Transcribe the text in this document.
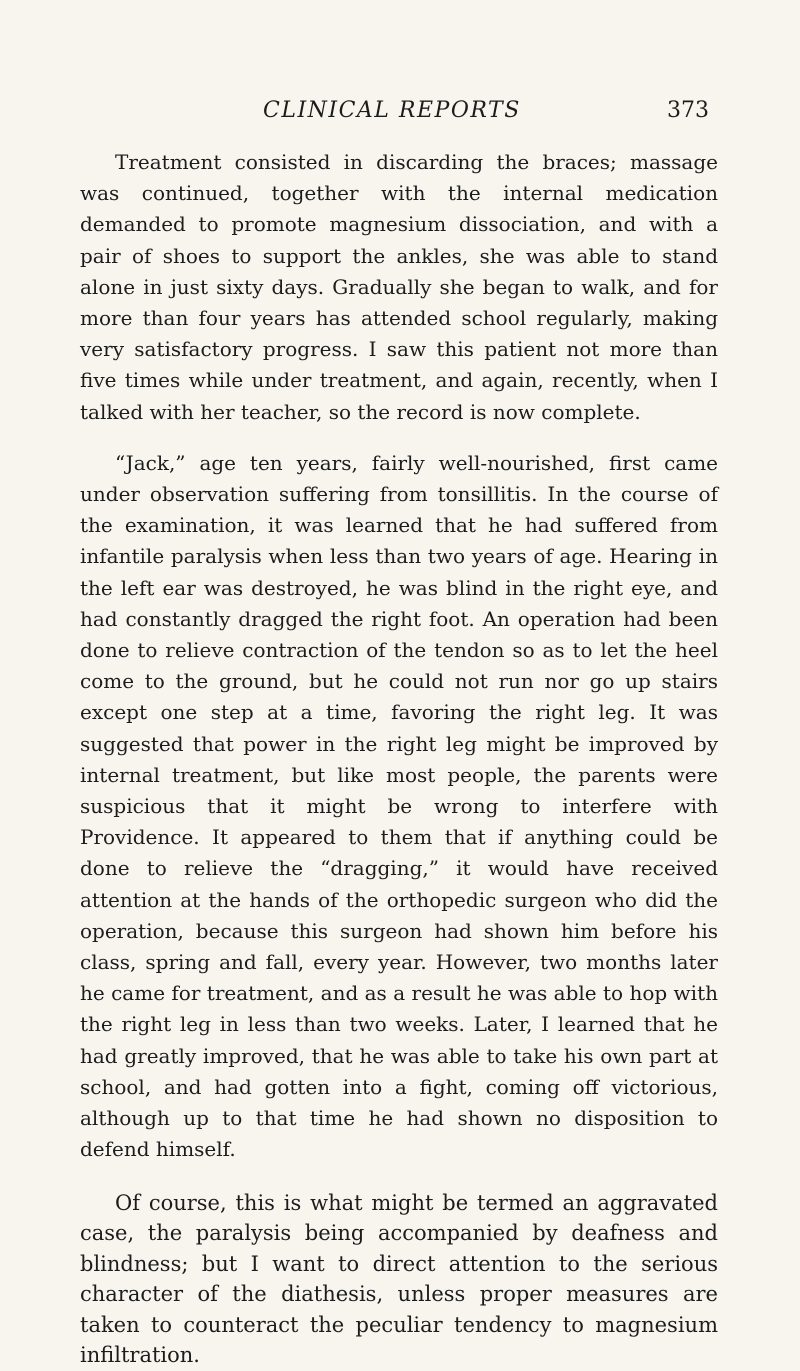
CLINICAL REPORTS	373

Treatment consisted in discarding the braces; massage was continued, together with the internal medication demanded to promote magnesium dissociation, and with a pair of shoes to support the ankles, she was able to stand alone in just sixty days. Gradually she began to walk, and for more than four years has attended school regularly, making very satisfactory progress. I saw this patient not more than five times while under treatment, and again, recently, when I talked with her teacher, so the record is now complete.

“Jack,” age ten years, fairly well-nourished, first came under observation suffering from tonsillitis. In the course of the examination, it was learned that he had suffered from infantile paralysis when less than two years of age. Hearing in the left ear was destroyed, he was blind in the right eye, and had constantly dragged the right foot. An operation had been done to relieve contraction of the tendon so as to let the heel come to the ground, but he could not run nor go up stairs except one step at a time, favoring the right leg. It was suggested that power in the right leg might be improved by internal treatment, but like most people, the parents were suspicious that it might be wrong to interfere with Providence. It appeared to them that if anything could be done to relieve the “dragging,” it would have received attention at the hands of the orthopedic surgeon who did the operation, because this surgeon had shown him before his class, spring and fall, every year. However, two months later he came for treatment, and as a result he was able to hop with the right leg in less than two weeks. Later, I learned that he had greatly improved, that he was able to take his own part at school, and had gotten into a fight, coming off victorious, although up to that time he had shown no disposition to defend himself.

Of course, this is what might be termed an aggravated case, the paralysis being accompanied by deafness and blindness; but I want to direct attention to the serious character of the diathesis, unless proper measures are taken to counteract the peculiar tendency to magnesium infiltration.
